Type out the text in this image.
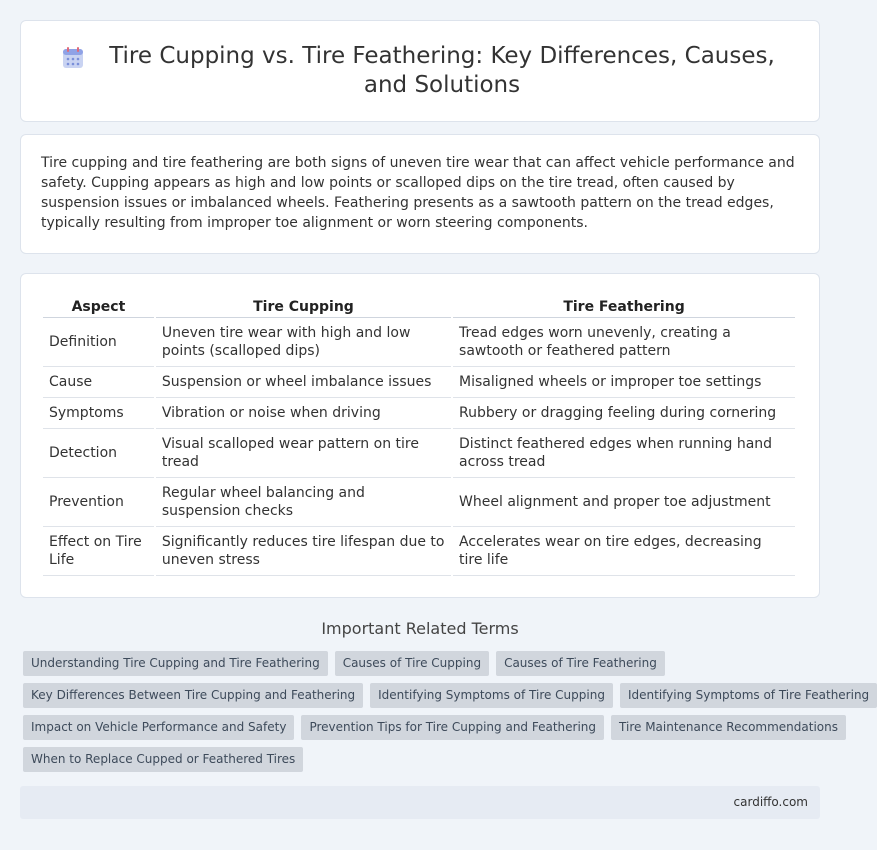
Tire Cupping vs. Tire Feathering: Key Differences, Causes, and Solutions

Tire cupping and tire feathering are both signs of uneven tire wear that can affect vehicle performance and safety. Cupping appears as high and low points or scalloped dips on the tire tread, often caused by suspension issues or imbalanced wheels. Feathering presents as a sawtooth pattern on the tread edges, typically resulting from improper toe alignment or worn steering components.

Aspect	Tire Cupping	Tire Feathering
Definition	Uneven tire wear with high and low points (scalloped dips)	Tread edges worn unevenly, creating a sawtooth or feathered pattern
Cause	Suspension or wheel imbalance issues	Misaligned wheels or improper toe settings
Symptoms	Vibration or noise when driving	Rubbery or dragging feeling during cornering
Detection	Visual scalloped wear pattern on tire tread	Distinct feathered edges when running hand across tread
Prevention	Regular wheel balancing and suspension checks	Wheel alignment and proper toe adjustment
Effect on Tire Life	Significantly reduces tire lifespan due to uneven stress	Accelerates wear on tire edges, decreasing tire life
Important Related Terms
Understanding Tire Cupping and Tire Feathering	Causes of Tire Cupping	Causes of Tire Feathering
Key Differences Between Tire Cupping and Feathering	Identifying Symptoms of Tire Cupping	Identifying Symptoms of Tire Feathering
Impact on Vehicle Performance and Safety	Prevention Tips for Tire Cupping and Feathering	Tire Maintenance Recommendations
When to Replace Cupped or Feathered Tires
cardiffo.com
